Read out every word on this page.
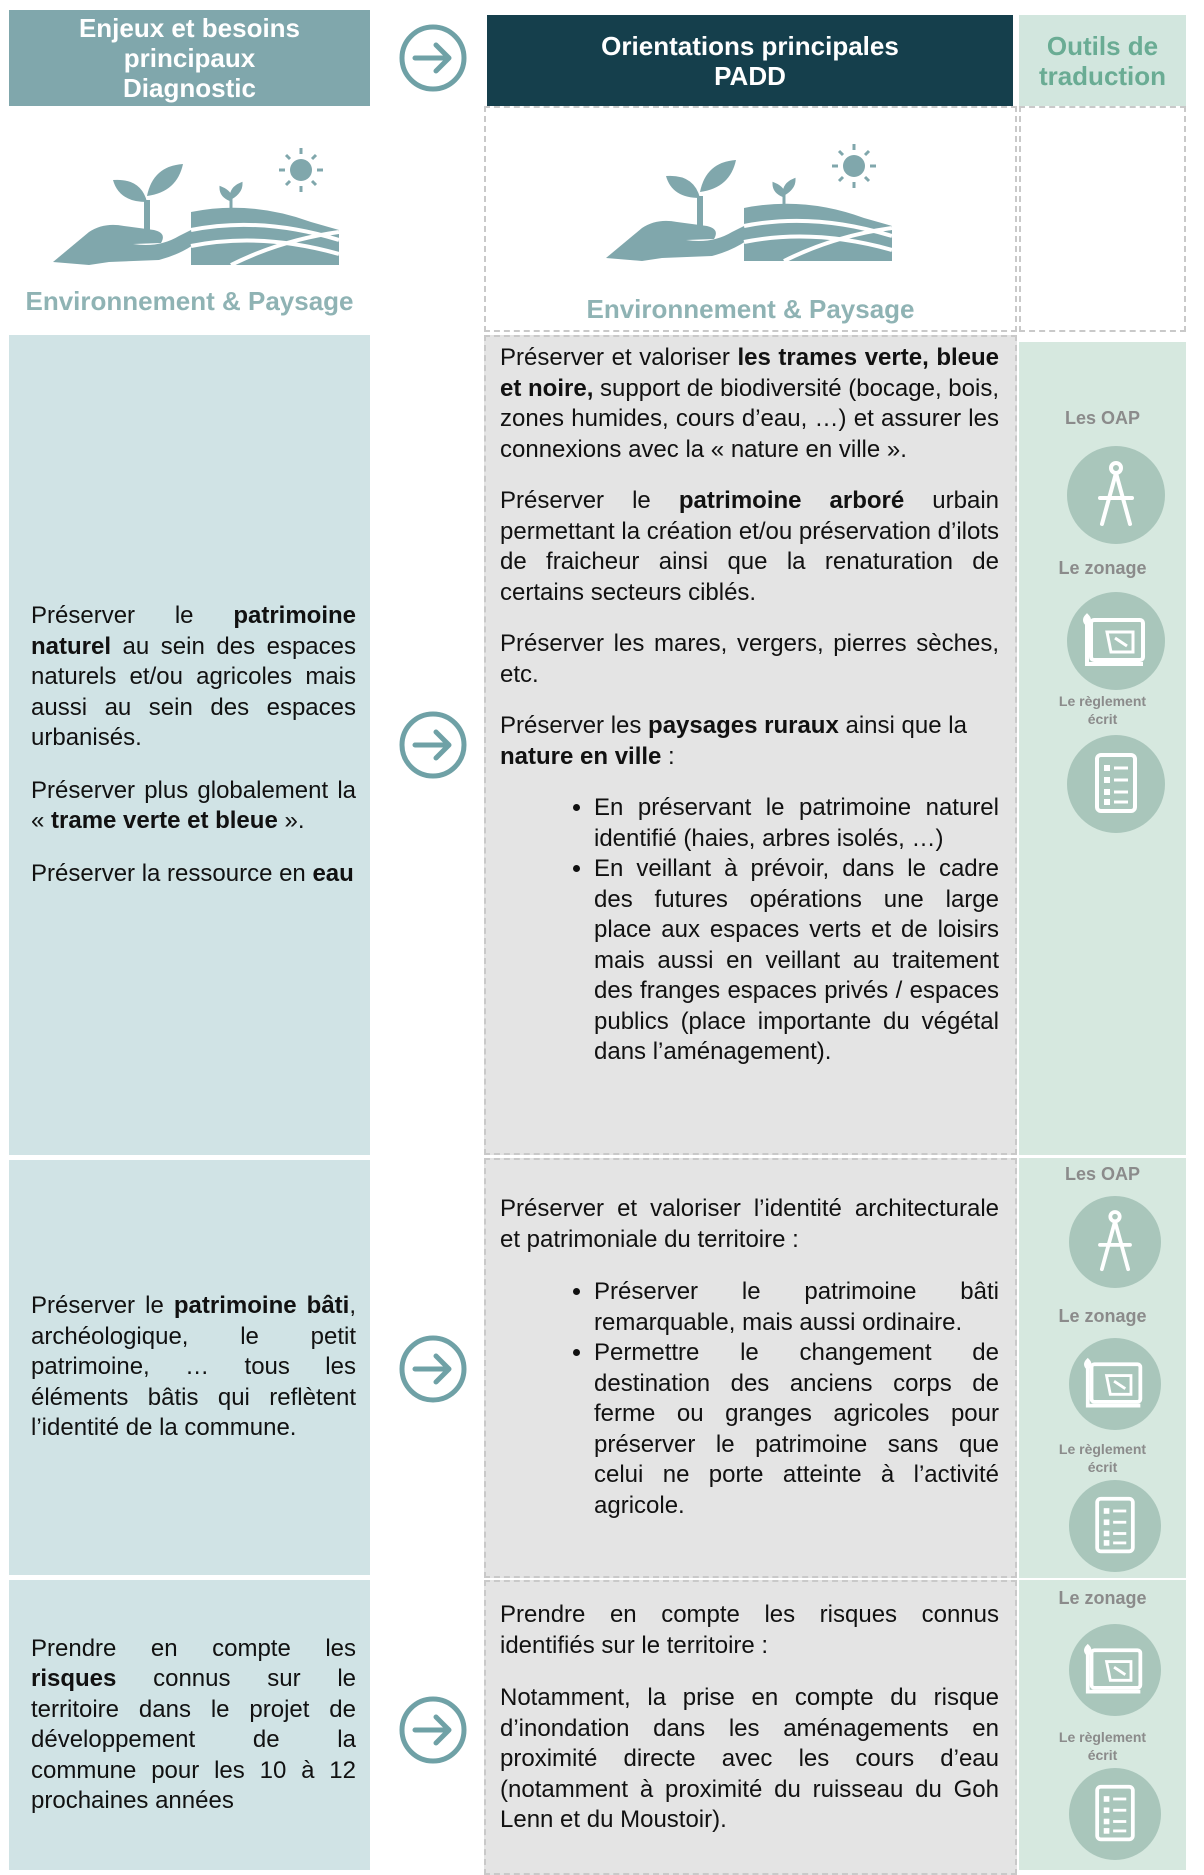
Enjeux et besoins
principaux
Diagnostic
Orientations principales
PADD
Outils de
traduction
Environnement & Paysage	Environnement & Paysage

Préserver le patrimoine naturel au sein des espaces naturels et/ou agricoles mais aussi au sein des espaces urbanisés.

Préserver plus globalement la « trame verte et bleue ».

Préserver la ressource en eau

Préserver et valoriser les trames verte, bleue et noire, support de biodiversité (bocage, bois, zones humides, cours d’eau, …) et assurer les connexions avec la « nature en ville ».

Préserver le patrimoine arboré urbain permettant la création et/ou préservation d’ilots de fraicheur ainsi que la renaturation de certains secteurs ciblés.

Préserver les mares, vergers, pierres sèches, etc.

Préserver les paysages ruraux ainsi que la nature en ville :

• En préservant le patrimoine naturel identifié (haies, arbres isolés, …)
• En veillant à prévoir, dans le cadre des futures opérations une large place aux espaces verts et de loisirs mais aussi en veillant au traitement des franges espaces privés / espaces publics (place importante du végétal dans l’aménagement).
Les OAP
Le zonage
Le règlement
écrit

Préserver le patrimoine bâti, archéologique, le petit patrimoine, … tous les éléments bâtis qui reflètent l’identité de la commune.

Préserver et valoriser l’identité architecturale et patrimoniale du territoire :

• Préserver le patrimoine bâti remarquable, mais aussi ordinaire.
• Permettre le changement de destination des anciens corps de ferme ou granges agricoles pour préserver le patrimoine sans que celui ne porte atteinte à l’activité agricole.
Les OAP
Le zonage
Le règlement
écrit

Prendre en compte les risques connus sur le territoire dans le projet de développement de la commune pour les 10 à 12 prochaines années

Prendre en compte les risques connus identifiés sur le territoire :

Notamment, la prise en compte du risque d’inondation dans les aménagements en proximité directe avec les cours d’eau (notamment à proximité du ruisseau du Goh Lenn et du Moustoir).

Le zonage
Le règlement
écrit
